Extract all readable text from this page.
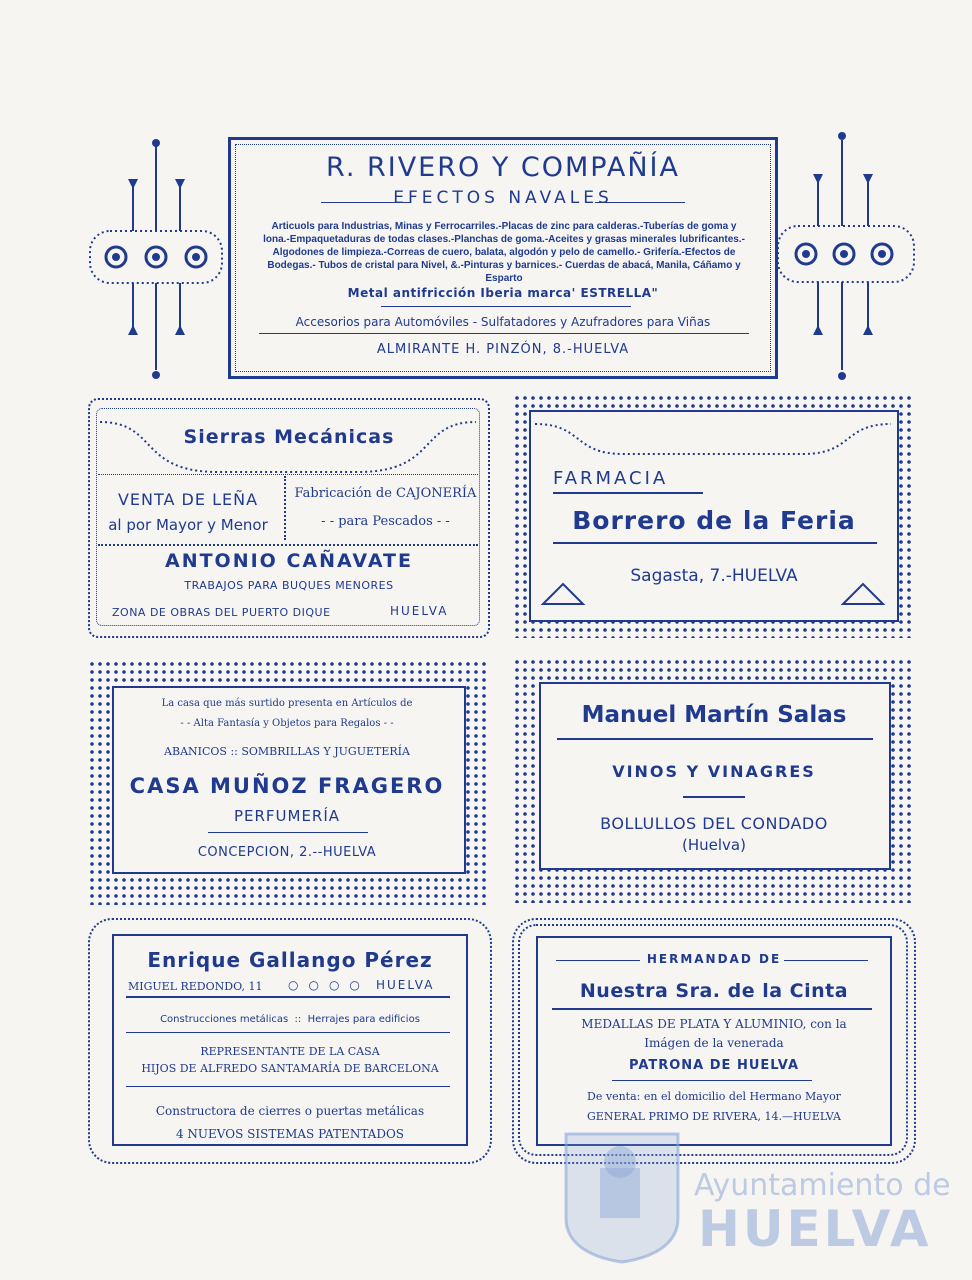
R. RIVERO Y COMPAÑÍA
EFECTOS NAVALES
Articuols para Industrias, Minas y Ferrocarriles.-Placas de zinc para calderas.-Tuberías de goma y lona.-Empaquetaduras de todas clases.-Planchas de goma.-Aceites y grasas minerales lubrificantes.-Algodones de limpieza.-Correas de cuero, balata, algodón y pelo de camello.- Grifería.-Efectos de Bodegas.- Tubos de cristal para Nivel, &.-Pinturas y barnices.- Cuerdas de abacá, Manila, Cáñamo y Esparto
Metal antifricción Iberia marca' ESTRELLA"
Accesorios para Automóviles - Sulfatadores y Azufradores para Viñas
ALMIRANTE H. PINZÓN, 8.-HUELVA
Sierras Mecánicas
VENTA DE LEÑA
al por Mayor y Menor
Fabricación de CAJONERÍA
- - para Pescados - -
ANTONIO CAÑAVATE
TRABAJOS PARA BUQUES MENORES
ZONA DE OBRAS DEL PUERTO DIQUE	HUELVA
FARMACIA
Borrero de la Feria
Sagasta, 7.-HUELVA
La casa que más surtido presenta en Artículos de
- - Alta Fantasía y Objetos para Regalos - -
ABANICOS :: SOMBRILLAS Y JUGUETERÍA
CASA MUÑOZ FRAGERO
PERFUMERÍA
CONCEPCION, 2.--HUELVA
Manuel Martín Salas
VINOS Y VINAGRES
BOLLULLOS DEL CONDADO
(Huelva)
Enrique Gallango Pérez
MIGUEL REDONDO, 11 ○○○○ HUELVA
Construcciones metálicas  ::  Herrajes para edificios
REPRESENTANTE DE LA CASA
HIJOS DE ALFREDO SANTAMARÍA DE BARCELONA
Constructora de cierres o puertas metálicas
4 NUEVOS SISTEMAS PATENTADOS
HERMANDAD DE
Nuestra Sra. de la Cinta
MEDALLAS DE PLATA Y ALUMINIO, con la
Imágen de la venerada
PATRONA DE HUELVA
De venta: en el domicilio del Hermano Mayor
GENERAL PRIMO DE RIVERA, 14.—HUELVA
Ayuntamiento de
HUELVA
